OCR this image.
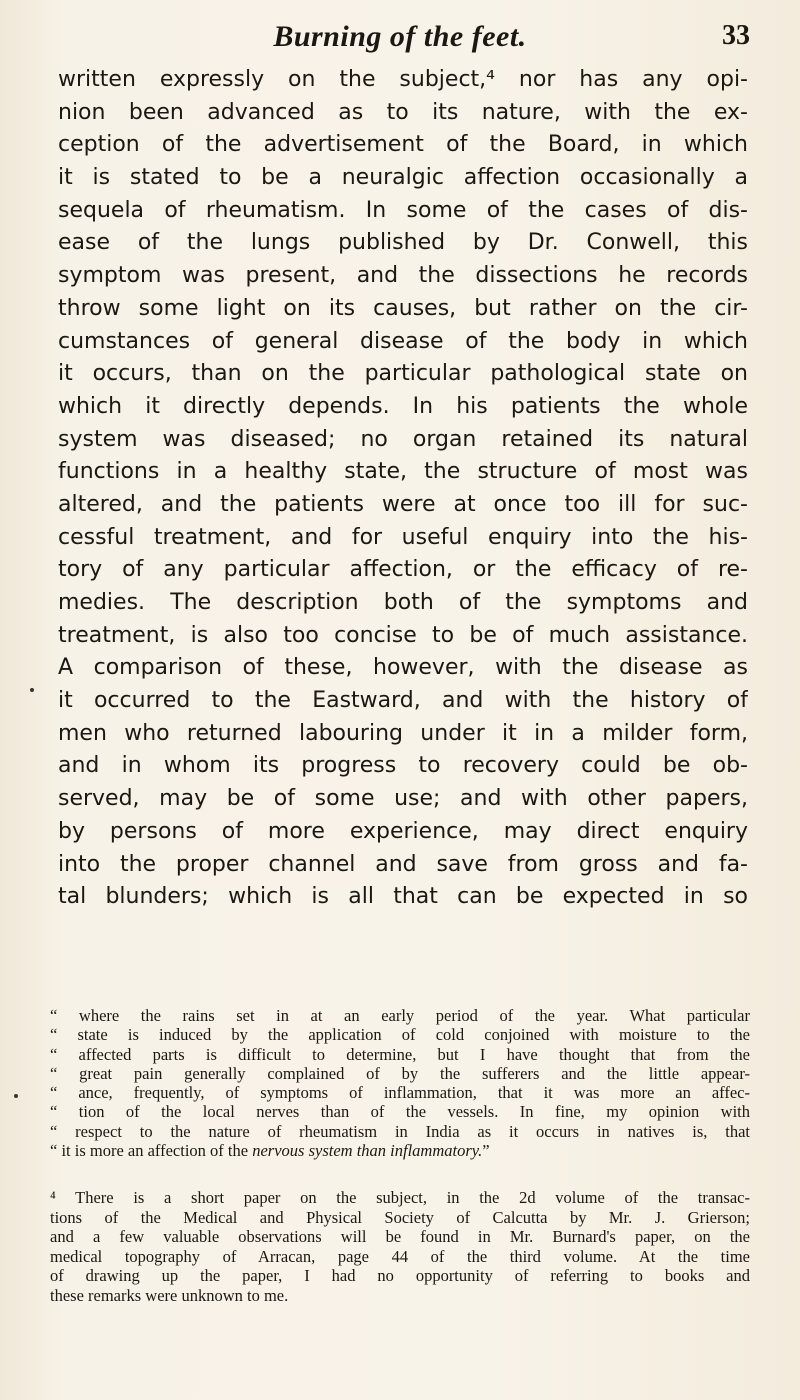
Burning of the feet.	33
written expressly on the subject,⁴ nor has any opi-
nion been advanced as to its nature, with the ex-
ception of the advertisement of the Board, in which
it is stated to be a neuralgic affection occasionally a
sequela of rheumatism. In some of the cases of dis-
ease of the lungs published by Dr. Conwell, this
symptom was present, and the dissections he records
throw some light on its causes, but rather on the cir-
cumstances of general disease of the body in which
it occurs, than on the particular pathological state on
which it directly depends. In his patients the whole
system was diseased; no organ retained its natural
functions in a healthy state, the structure of most was
altered, and the patients were at once too ill for suc-
cessful treatment, and for useful enquiry into the his-
tory of any particular affection, or the efficacy of re-
medies. The description both of the symptoms and
treatment, is also too concise to be of much assistance.
A comparison of these, however, with the disease as
it occurred to the Eastward, and with the history of
men who returned labouring under it in a milder form,
and in whom its progress to recovery could be ob-
served, may be of some use; and with other papers,
by persons of more experience, may direct enquiry
into the proper channel and save from gross and fa-
tal blunders; which is all that can be expected in so
“ where the rains set in at an early period of the year. What particular
“ state is induced by the application of cold conjoined with moisture to the
“ affected parts is difficult to determine, but I have thought that from the
“ great pain generally complained of by the sufferers and the little appear-
“ ance, frequently, of symptoms of inflammation, that it was more an affec-
“ tion of the local nerves than of the vessels. In fine, my opinion with
“ respect to the nature of rheumatism in India as it occurs in natives is, that
“ it is more an affection of the nervous system than inflammatory.”
⁴ There is a short paper on the subject, in the 2d volume of the transac-
tions of the Medical and Physical Society of Calcutta by Mr. J. Grierson;
and a few valuable observations will be found in Mr. Burnard's paper, on the
medical topography of Arracan, page 44 of the third volume. At the time
of drawing up the paper, I had no opportunity of referring to books and
these remarks were unknown to me.
